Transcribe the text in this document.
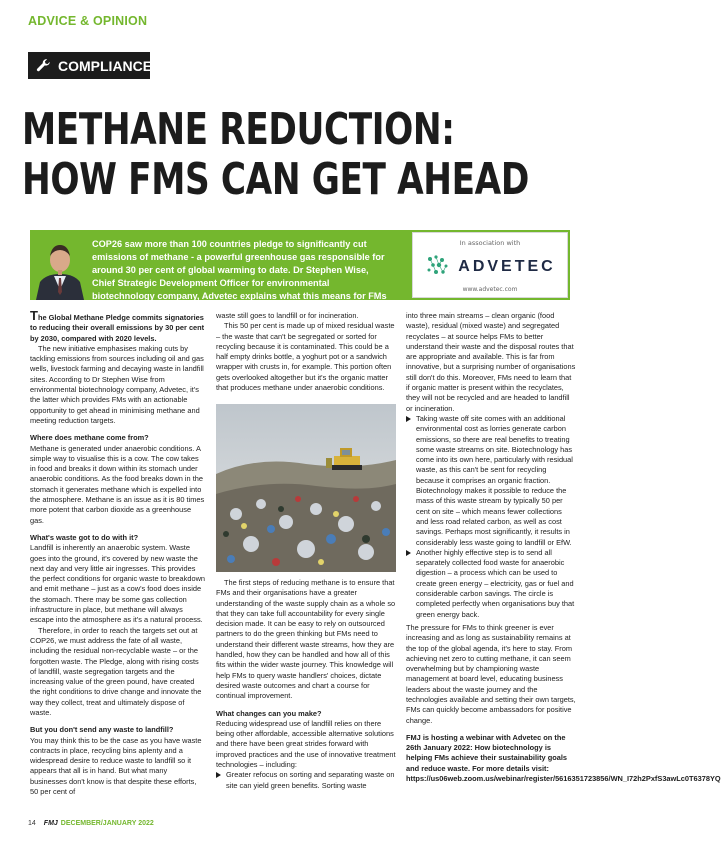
ADVICE & OPINION
COMPLIANCE
METHANE REDUCTION:
HOW FMS CAN GET AHEAD
COP26 saw more than 100 countries pledge to significantly cut emissions of methane - a powerful greenhouse gas responsible for around 30 per cent of global warming to date. Dr Stephen Wise, Chief Strategic Development Officer for environmental biotechnology company, Advetec explains what this means for FMs
In association with
ADVETEC
www.advetec.com

The Global Methane Pledge commits signatories to reducing their overall emissions by 30 per cent by 2030, compared with 2020 levels.

The new initiative emphasises making cuts by tackling emissions from sources including oil and gas wells, livestock farming and decaying waste in landfill sites. According to Dr Stephen Wise from environmental biotechnology company, Advetec, it's the latter which provides FMs with an actionable opportunity to get ahead in minimising methane and meeting reduction targets.

Where does methane come from?

Methane is generated under anaerobic conditions. A simple way to visualise this is a cow. The cow takes in food and breaks it down within its stomach under anaerobic conditions. As the food breaks down in the stomach it generates methane which is expelled into the atmosphere. Methane is an issue as it is 80 times more potent that carbon dioxide as a greenhouse gas.

What's waste got to do with it?

Landfill is inherently an anaerobic system. Waste goes into the ground, it's covered by new waste the next day and very little air ingresses. This provides the perfect conditions for organic waste to breakdown and emit methane – just as a cow's food does inside the stomach. There may be some gas collection infrastructure in place, but methane will always escape into the atmosphere as it's a natural process.

Therefore, in order to reach the targets set out at COP26, we must address the fate of all waste, including the residual non-recyclable waste – or the forgotten waste. The Pledge, along with rising costs of landfill, waste segregation targets and the increasing value of the green pound, have created the right conditions to drive change and innovate the way they collect, treat and ultimately dispose of waste.

But you don't send any waste to landfill?

You may think this to be the case as you have waste contracts in place, recycling bins aplenty and a widespread desire to reduce waste to landfill so it appears that all is in hand. But what many businesses don't know is that despite these efforts, 50 per cent of

waste still goes to landfill or for incineration.

This 50 per cent is made up of mixed residual waste – the waste that can't be segregated or sorted for recycling because it is contaminated. This could be a half empty drinks bottle, a yoghurt pot or a sandwich wrapper with crusts in, for example. This portion often gets overlooked altogether but it's the organic matter that produces methane under anaerobic conditions.

The first steps of reducing methane is to ensure that FMs and their organisations have a greater understanding of the waste supply chain as a whole so that they can take full accountability for every single decision made. It can be easy to rely on outsourced partners to do the green thinking but FMs need to understand their different waste streams, how they are handled, how they can be handled and how all of this fits within the wider waste journey. This knowledge will help FMs to query waste handlers' choices, dictate desired waste outcomes and chart a course for continual improvement.

What changes can you make?

Reducing widespread use of landfill relies on there being other affordable, accessible alternative solutions and there have been great strides forward with improved practices and the use of innovative treatment technologies – including:

Greater refocus on sorting and separating waste on site can yield green benefits. Sorting waste

into three main streams – clean organic (food waste), residual (mixed waste) and segregated recyclates – at source helps FMs to better understand their waste and the disposal routes that are appropriate and available. This is far from innovative, but a surprising number of organisations still don't do this. Moreover, FMs need to learn that if organic matter is present within the recyclates, they will not be recycled and are headed to landfill or incineration.

Taking waste off site comes with an additional environmental cost as lorries generate carbon emissions, so there are real benefits to treating some waste streams on site. Biotechnology has come into its own here, particularly with residual waste, as this can't be sent for recycling because it comprises an organic fraction. Biotechnology makes it possible to reduce the mass of this waste stream by typically 50 per cent on site – which means fewer collections and less road related carbon, as well as cost savings. Perhaps most significantly, it results in considerably less waste going to landfill or EfW.
Another highly effective step is to send all separately collected food waste for anaerobic digestion – a process which can be used to create green energy – electricity, gas or fuel and considerable carbon savings. The circle is completed perfectly when organisations buy that green energy back.

The pressure for FMs to think greener is ever increasing and as long as sustainability remains at the top of the global agenda, it's here to stay. From achieving net zero to cutting methane, it can seem overwhelming but by championing waste management at board level, educating business leaders about the waste journey and the technologies available and setting their own targets, FMs can quickly become ambassadors for positive change.

FMJ is hosting a webinar with Advetec on the 26th January 2022: How biotechnology is helping FMs achieve their sustainability goals and reduce waste. For more details visit: https://us06web.zoom.us/webinar/register/5616351723856/WN_I72h2PxfS3awLc0T6378YQ

14 FMJ DECEMBER/JANUARY 2022
